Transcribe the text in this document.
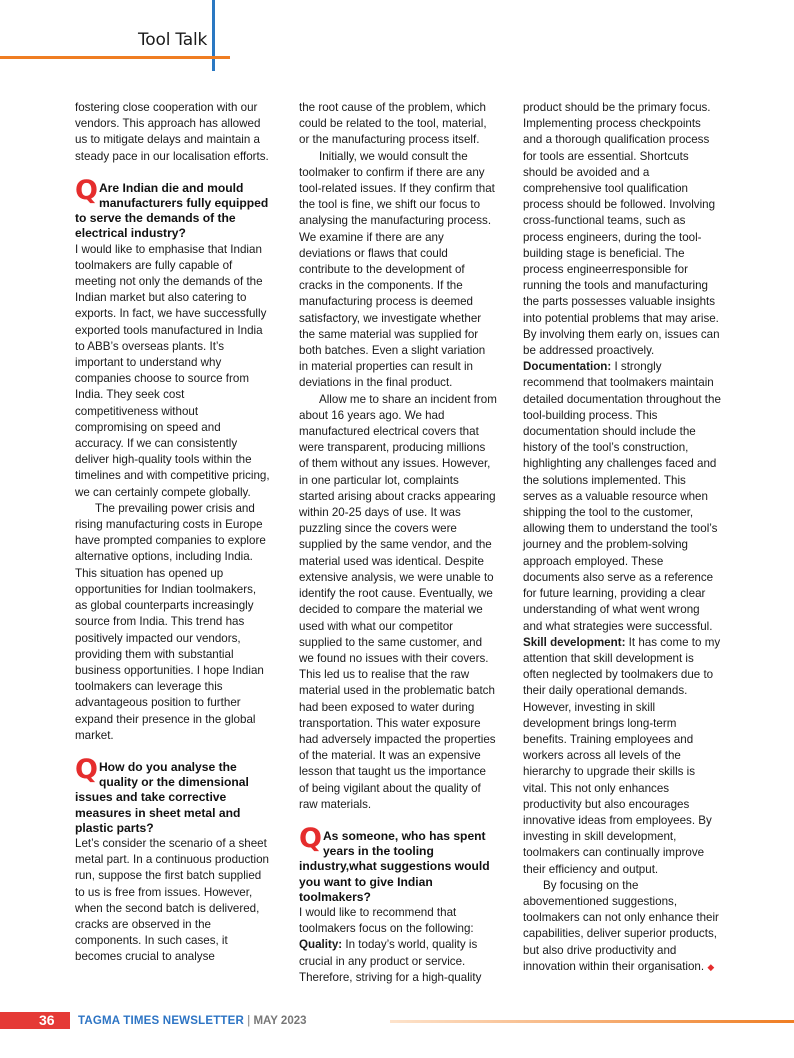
Tool Talk

fostering close cooperation with our vendors. This approach has allowed us to mitigate delays and maintain a steady pace in our localisation efforts.

Q Are Indian die and mould manufacturers fully equipped to serve the demands of the electrical industry?

I would like to emphasise that Indian toolmakers are fully capable of meeting not only the demands of the Indian market but also catering to exports. In fact, we have successfully exported tools manufactured in India to ABB’s overseas plants. It’s important to understand why companies choose to source from India. They seek cost competitiveness without compromising on speed and accuracy. If we can consistently deliver high-quality tools within the timelines and with competitive pricing, we can certainly compete globally.

The prevailing power crisis and rising manufacturing costs in Europe have prompted companies to explore alternative options, including India. This situation has opened up opportunities for Indian toolmakers, as global counterparts increasingly source from India. This trend has positively impacted our vendors, providing them with substantial business opportunities. I hope Indian toolmakers can leverage this advantageous position to further expand their presence in the global market.

Q How do you analyse the quality or the dimensional issues and take corrective measures in sheet metal and plastic parts?

Let’s consider the scenario of a sheet metal part. In a continuous production run, suppose the first batch supplied to us is free from issues. However, when the second batch is delivered, cracks are observed in the components. In such cases, it becomes crucial to analyse

the root cause of the problem, which could be related to the tool, material, or the manufacturing process itself.

Initially, we would consult the toolmaker to confirm if there are any tool-related issues. If they confirm that the tool is fine, we shift our focus to analysing the manufacturing process. We examine if there are any deviations or flaws that could contribute to the development of cracks in the components. If the manufacturing process is deemed satisfactory, we investigate whether the same material was supplied for both batches. Even a slight variation in material properties can result in deviations in the final product.

Allow me to share an incident from about 16 years ago. We had manufactured electrical covers that were transparent, producing millions of them without any issues. However, in one particular lot, complaints started arising about cracks appearing within 20-25 days of use. It was puzzling since the covers were supplied by the same vendor, and the material used was identical. Despite extensive analysis, we were unable to identify the root cause. Eventually, we decided to compare the material we used with what our competitor supplied to the same customer, and we found no issues with their covers. This led us to realise that the raw material used in the problematic batch had been exposed to water during transportation. This water exposure had adversely impacted the properties of the material. It was an expensive lesson that taught us the importance of being vigilant about the quality of raw materials.

Q As someone, who has spent years in the tooling industry,what suggestions would you want to give Indian toolmakers?

I would like to recommend that toolmakers focus on the following:

Quality: In today’s world, quality is crucial in any product or service. Therefore, striving for a high-quality

product should be the primary focus. Implementing process checkpoints and a thorough qualification process for tools are essential. Shortcuts should be avoided and a comprehensive tool qualification process should be followed. Involving cross-functional teams, such as process engineers, during the tool-building stage is beneficial. The process engineerresponsible for running the tools and manufacturing the parts possesses valuable insights into potential problems that may arise. By involving them early on, issues can be addressed proactively.

Documentation: I strongly recommend that toolmakers maintain detailed documentation throughout the tool-building process. This documentation should include the history of the tool’s construction, highlighting any challenges faced and the solutions implemented. This serves as a valuable resource when shipping the tool to the customer, allowing them to understand the tool’s journey and the problem-solving approach employed. These documents also serve as a reference for future learning, providing a clear understanding of what went wrong and what strategies were successful.

Skill development: It has come to my attention that skill development is often neglected by toolmakers due to their daily operational demands. However, investing in skill development brings long-term benefits. Training employees and workers across all levels of the hierarchy to upgrade their skills is vital. This not only enhances productivity but also encourages innovative ideas from employees. By investing in skill development, toolmakers can continually improve their efficiency and output.

By focusing on the abovementioned suggestions, toolmakers can not only enhance their capabilities, deliver superior products, but also drive productivity and innovation within their organisation. ◆

36 TAGMA TIMES NEWSLETTER | MAY 2023
